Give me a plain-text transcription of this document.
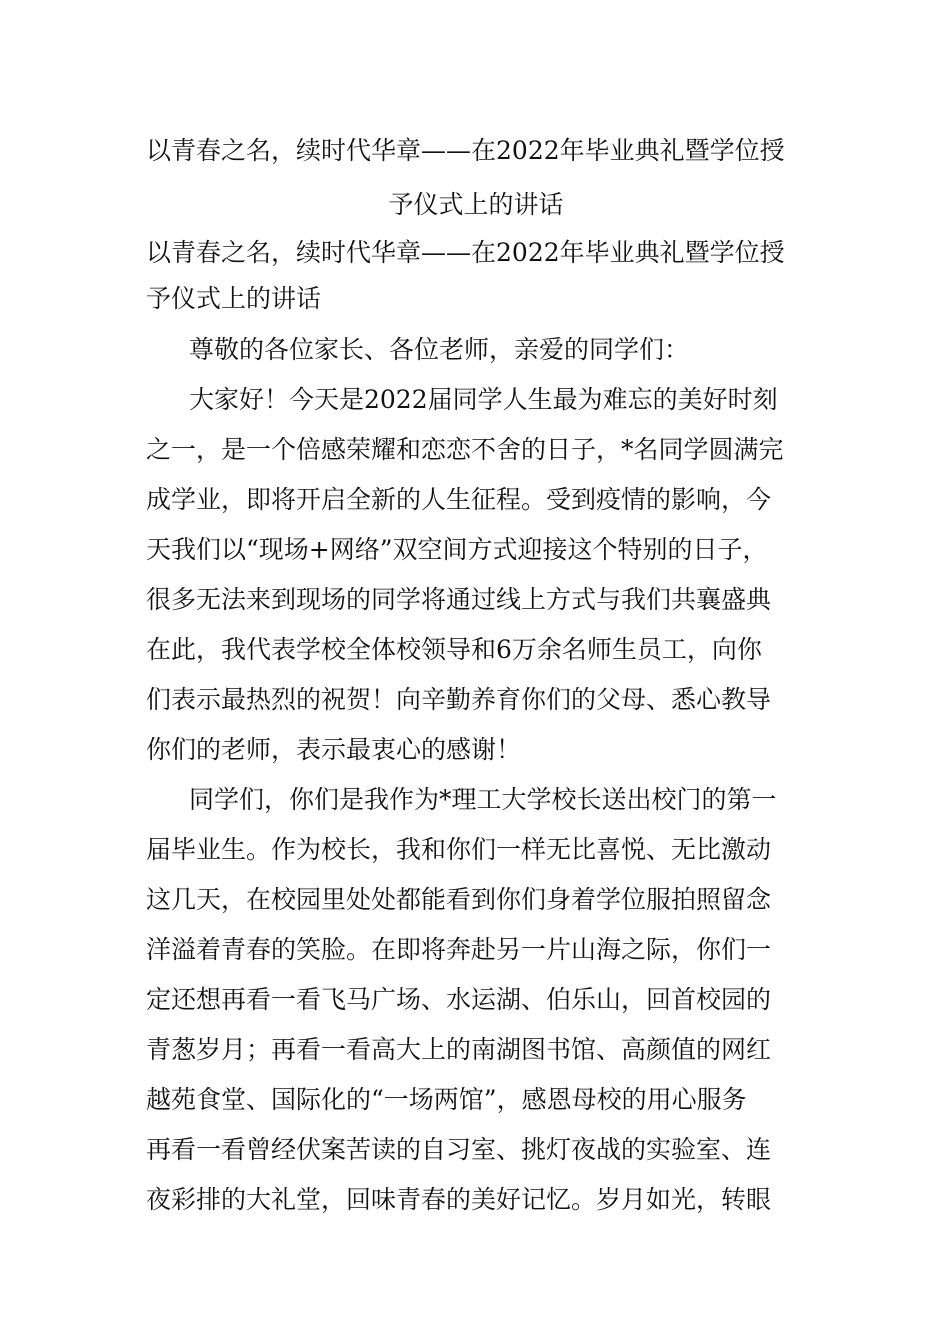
以青春之名，续时代华章——在2022年毕业典礼暨学位授
予仪式上的讲话
以青春之名，续时代华章——在2022年毕业典礼暨学位授
予仪式上的讲话
尊敬的各位家长、各位老师，亲爱的同学们：
大家好！今天是2022届同学人生最为难忘的美好时刻
之一，是一个倍感荣耀和恋恋不舍的日子，*名同学圆满完
成学业，即将开启全新的人生征程。受到疫情的影响，今
天我们以“现场+网络”双空间方式迎接这个特别的日子，
很多无法来到现场的同学将通过线上方式与我们共襄盛典
在此，我代表学校全体校领导和6万余名师生员工，向你
们表示最热烈的祝贺！向辛勤养育你们的父母、悉心教导
你们的老师，表示最衷心的感谢！
同学们，你们是我作为*理工大学校长送出校门的第一
届毕业生。作为校长，我和你们一样无比喜悦、无比激动
这几天，在校园里处处都能看到你们身着学位服拍照留念
洋溢着青春的笑脸。在即将奔赴另一片山海之际，你们一
定还想再看一看飞马广场、水运湖、伯乐山，回首校园的
青葱岁月；再看一看高大上的南湖图书馆、高颜值的网红
越苑食堂、国际化的“一场两馆”，感恩母校的用心服务
再看一看曾经伏案苦读的自习室、挑灯夜战的实验室、连
夜彩排的大礼堂，回味青春的美好记忆。岁月如光，转眼
